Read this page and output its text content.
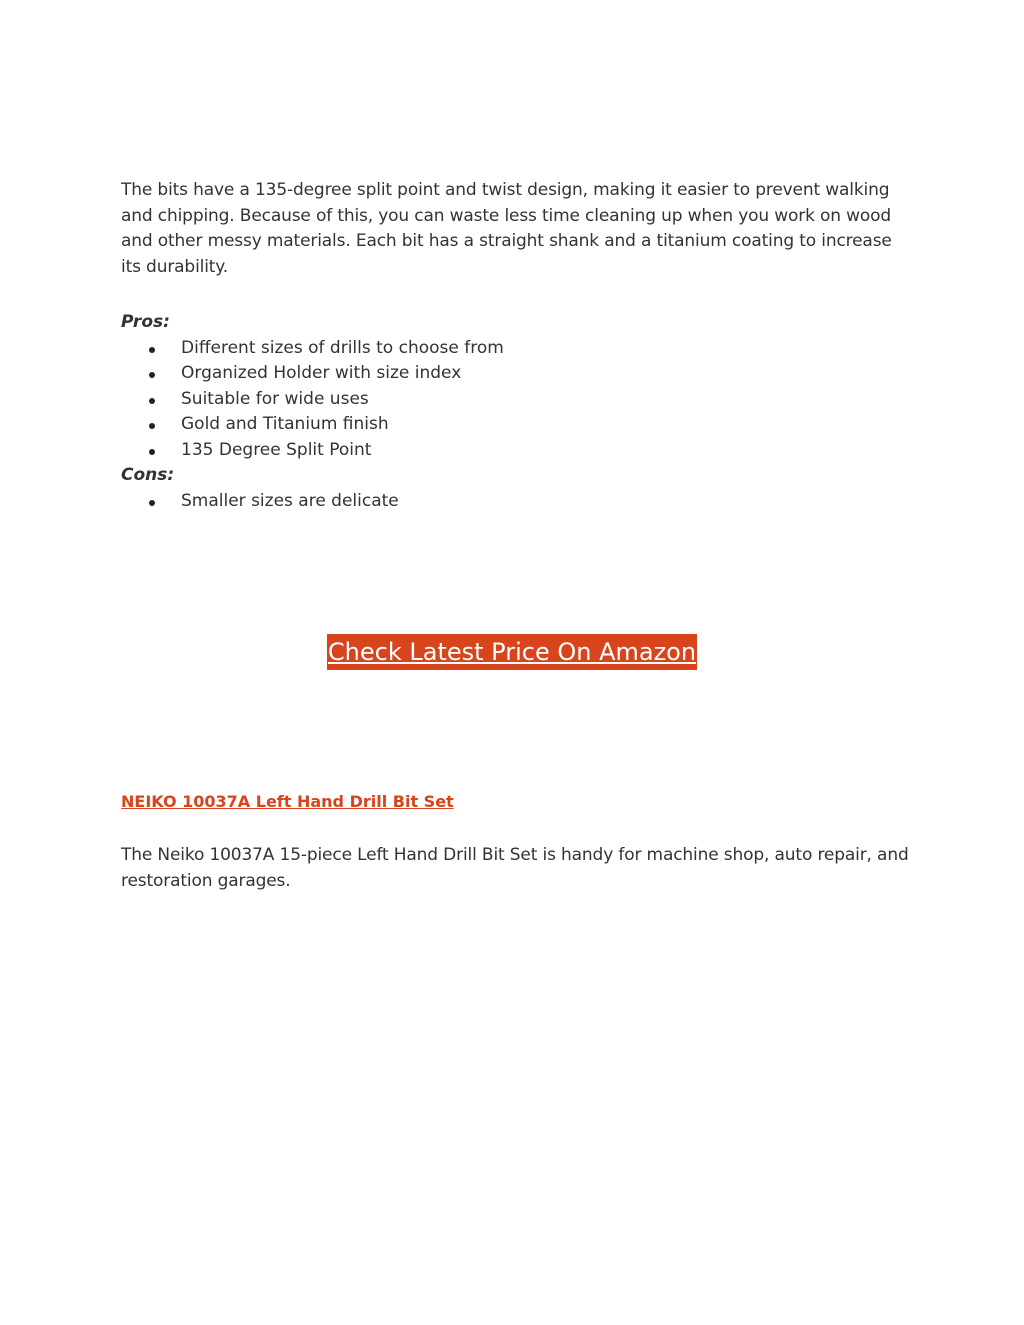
The bits have a 135-degree split point and twist design, making it easier to prevent walking and chipping. Because of this, you can waste less time cleaning up when you work on wood and other messy materials. Each bit has a straight shank and a titanium coating to increase its durability.

Pros:

Different sizes of drills to choose from
Organized Holder with size index
Suitable for wide uses
Gold and Titanium finish
135 Degree Split Point

Cons:

Smaller sizes are delicate
Check Latest Price On Amazon
NEIKO 10037A Left Hand Drill Bit Set

The Neiko 10037A 15-piece Left Hand Drill Bit Set is handy for machine shop, auto repair, and restoration garages.
